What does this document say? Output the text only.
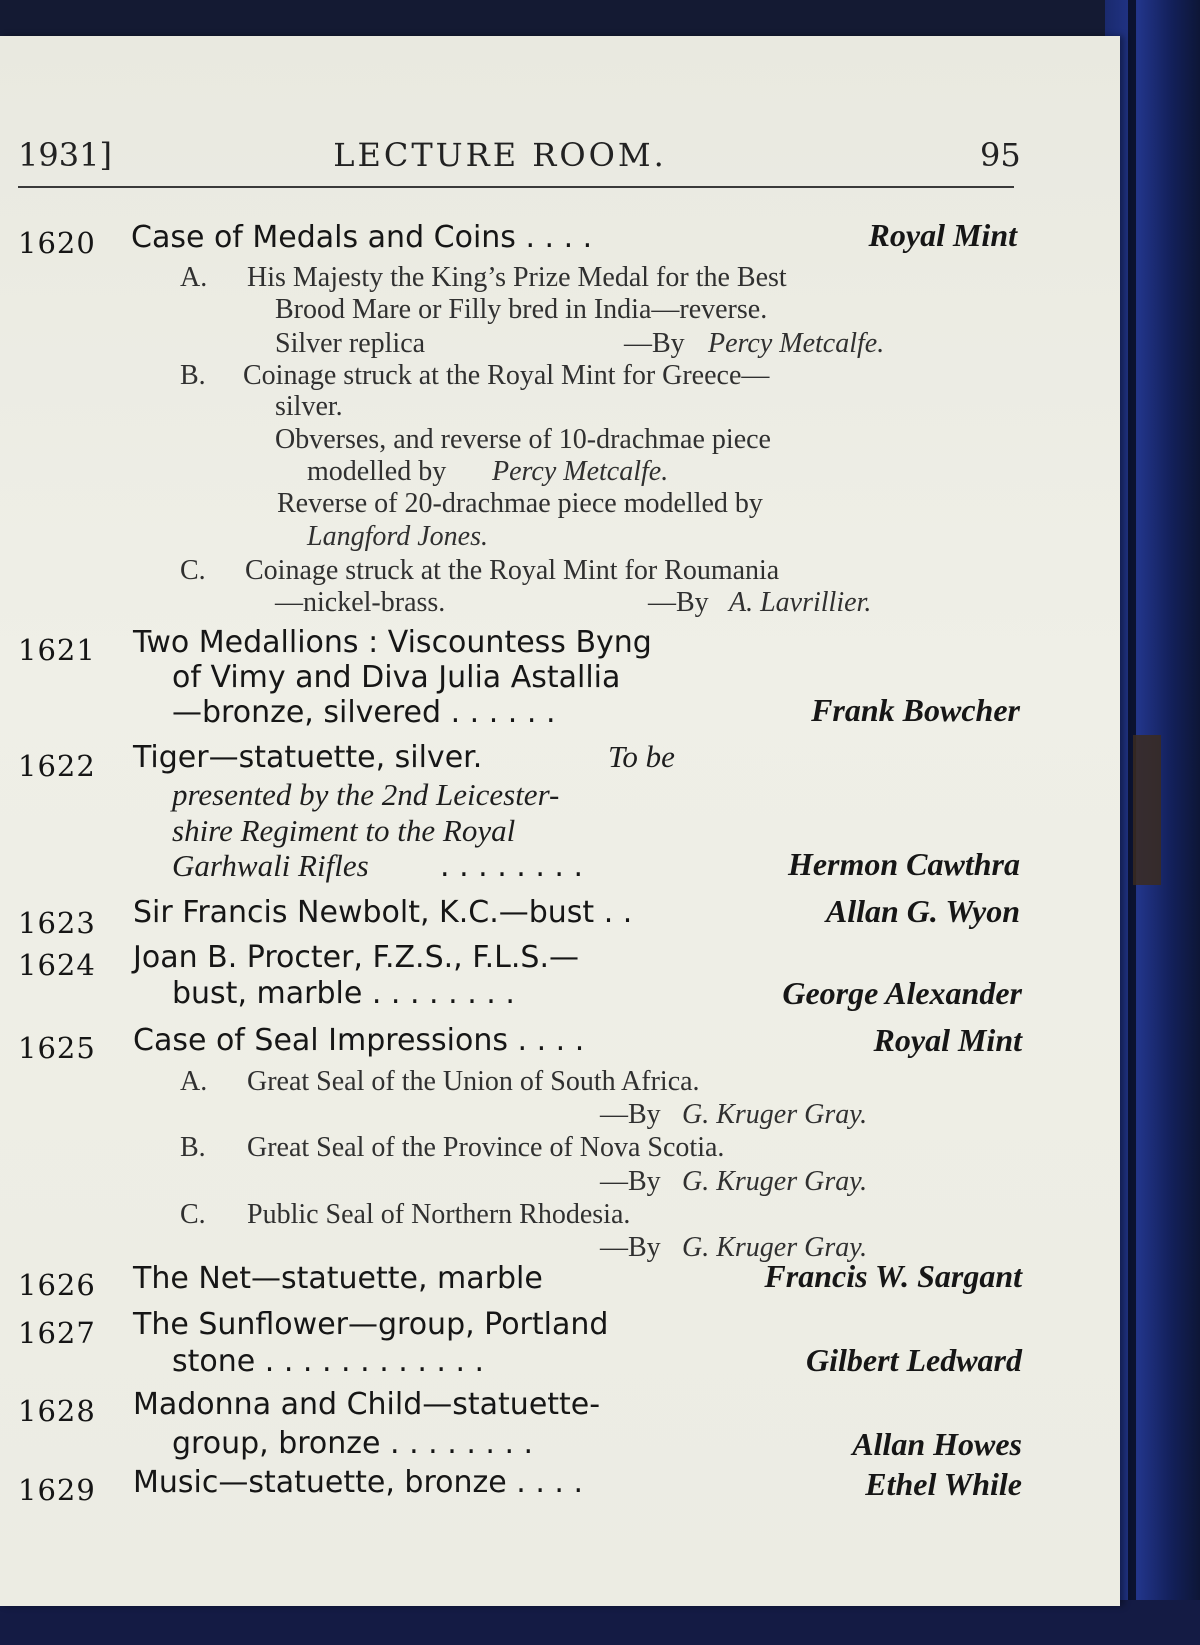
1931]	LECTURE ROOM.	95
1620 Case of Medals and Coins . . . .	Royal Mint
A. His Majesty the King’s Prize Medal for the Best
Brood Mare or Filly bred in India—reverse.
Silver replica	—By Percy Metcalfe.
B. Coinage struck at the Royal Mint for Greece—
silver.
Obverses, and reverse of 10-drachmae piece
modelled by Percy Metcalfe.
Reverse of 20-drachmae piece modelled by
Langford Jones.
C. Coinage struck at the Royal Mint for Roumania
—nickel-brass.	—By A. Lavrillier.
1621 Two Medallions : Viscountess Byng
of Vimy and Diva Julia Astallia
—bronze, silvered . . . . . .	Frank Bowcher
1622 Tiger—statuette, silver.	To be
presented by the 2nd Leicester-
shire Regiment to the Royal
Garhwali Rifles . . . . . . . .	Hermon Cawthra
1623 Sir Francis Newbolt, K.C.—bust . .	Allan G. Wyon
1624 Joan B. Procter, F.Z.S., F.L.S.—
bust, marble . . . . . . . .	George Alexander
1625 Case of Seal Impressions . . . .	Royal Mint
A. Great Seal of the Union of South Africa.
—By G. Kruger Gray.
B. Great Seal of the Province of Nova Scotia.
—By G. Kruger Gray.
C. Public Seal of Northern Rhodesia.
—By G. Kruger Gray.
1626 The Net—statuette, marble	Francis W. Sargant
1627 The Sunflower—group, Portland
stone . . . . . . . . . . . .	Gilbert Ledward
1628 Madonna and Child—statuette-
group, bronze . . . . . . . .	Allan Howes
1629 Music—statuette, bronze . . . .	Ethel While
